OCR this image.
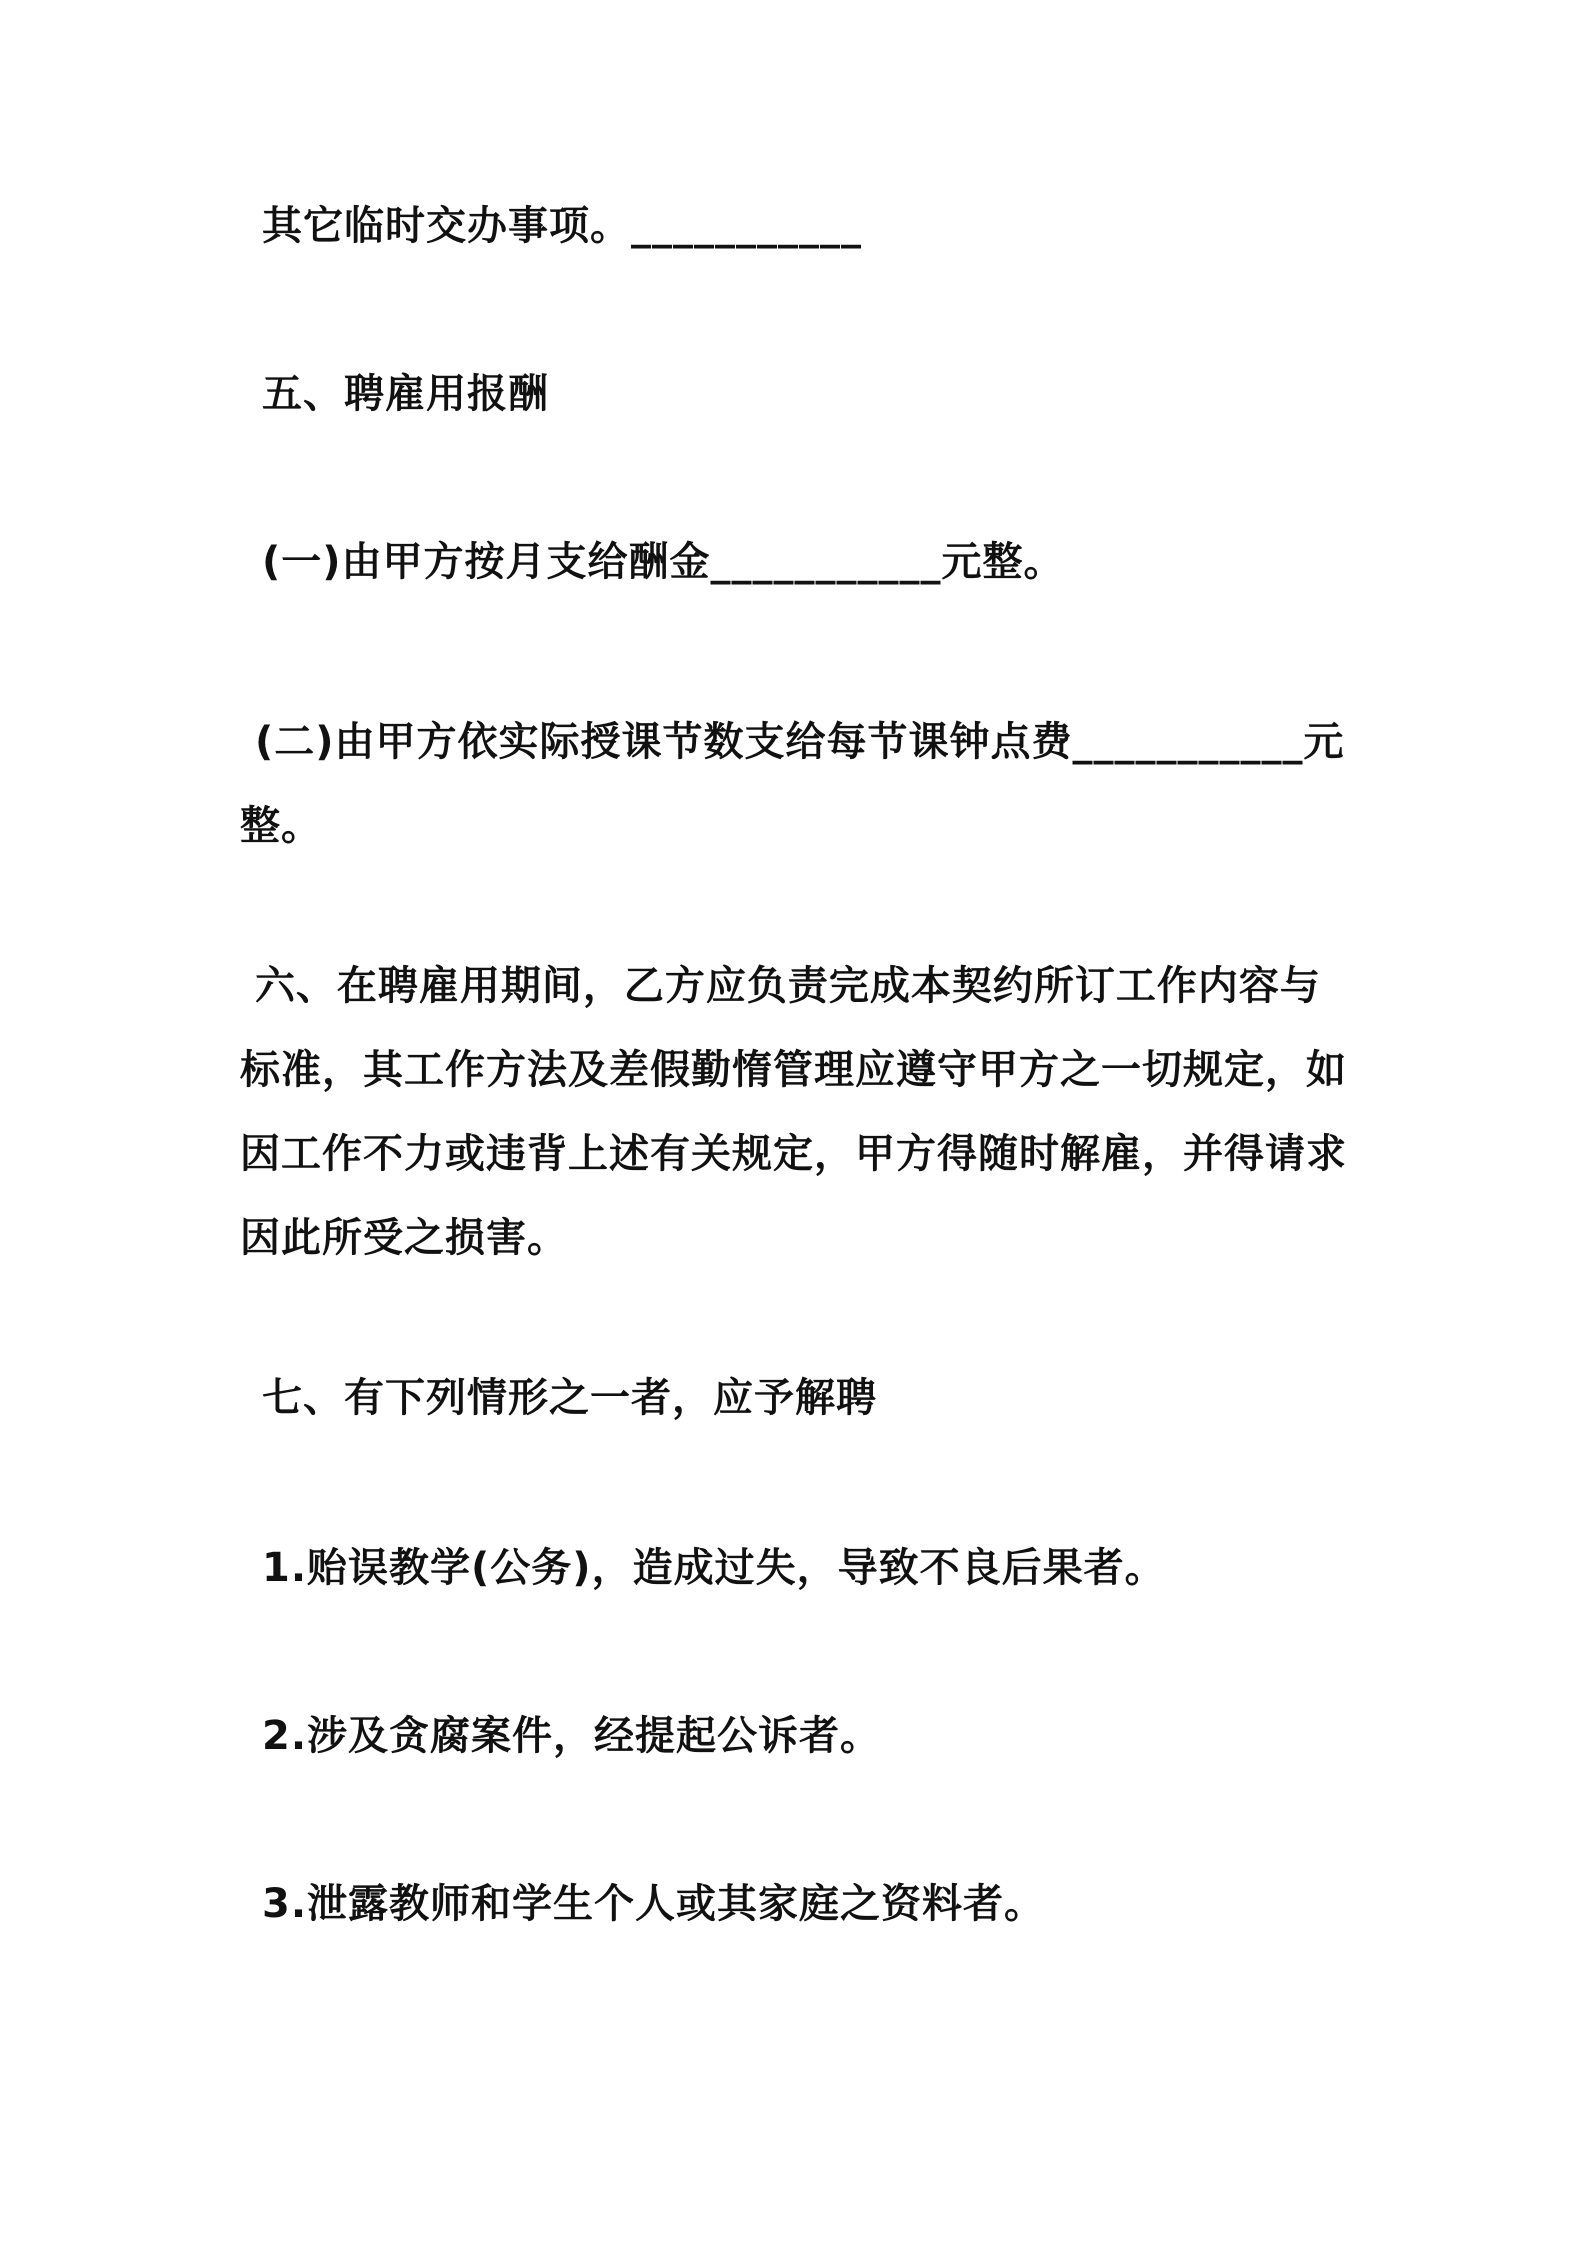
其它临时交办事项。___________

五、聘雇用报酬

(一)由甲方按月支给酬金___________元整。

(二)由甲方依实际授课节数支给每节课钟点费___________元整。

六、在聘雇用期间，乙方应负责完成本契约所订工作内容与标准，其工作方法及差假勤惰管理应遵守甲方之一切规定，如因工作不力或违背上述有关规定，甲方得随时解雇，并得请求因此所受之损害。

七、有下列情形之一者，应予解聘

1.贻误教学(公务)，造成过失，导致不良后果者。

2.涉及贪腐案件，经提起公诉者。

3.泄露教师和学生个人或其家庭之资料者。
